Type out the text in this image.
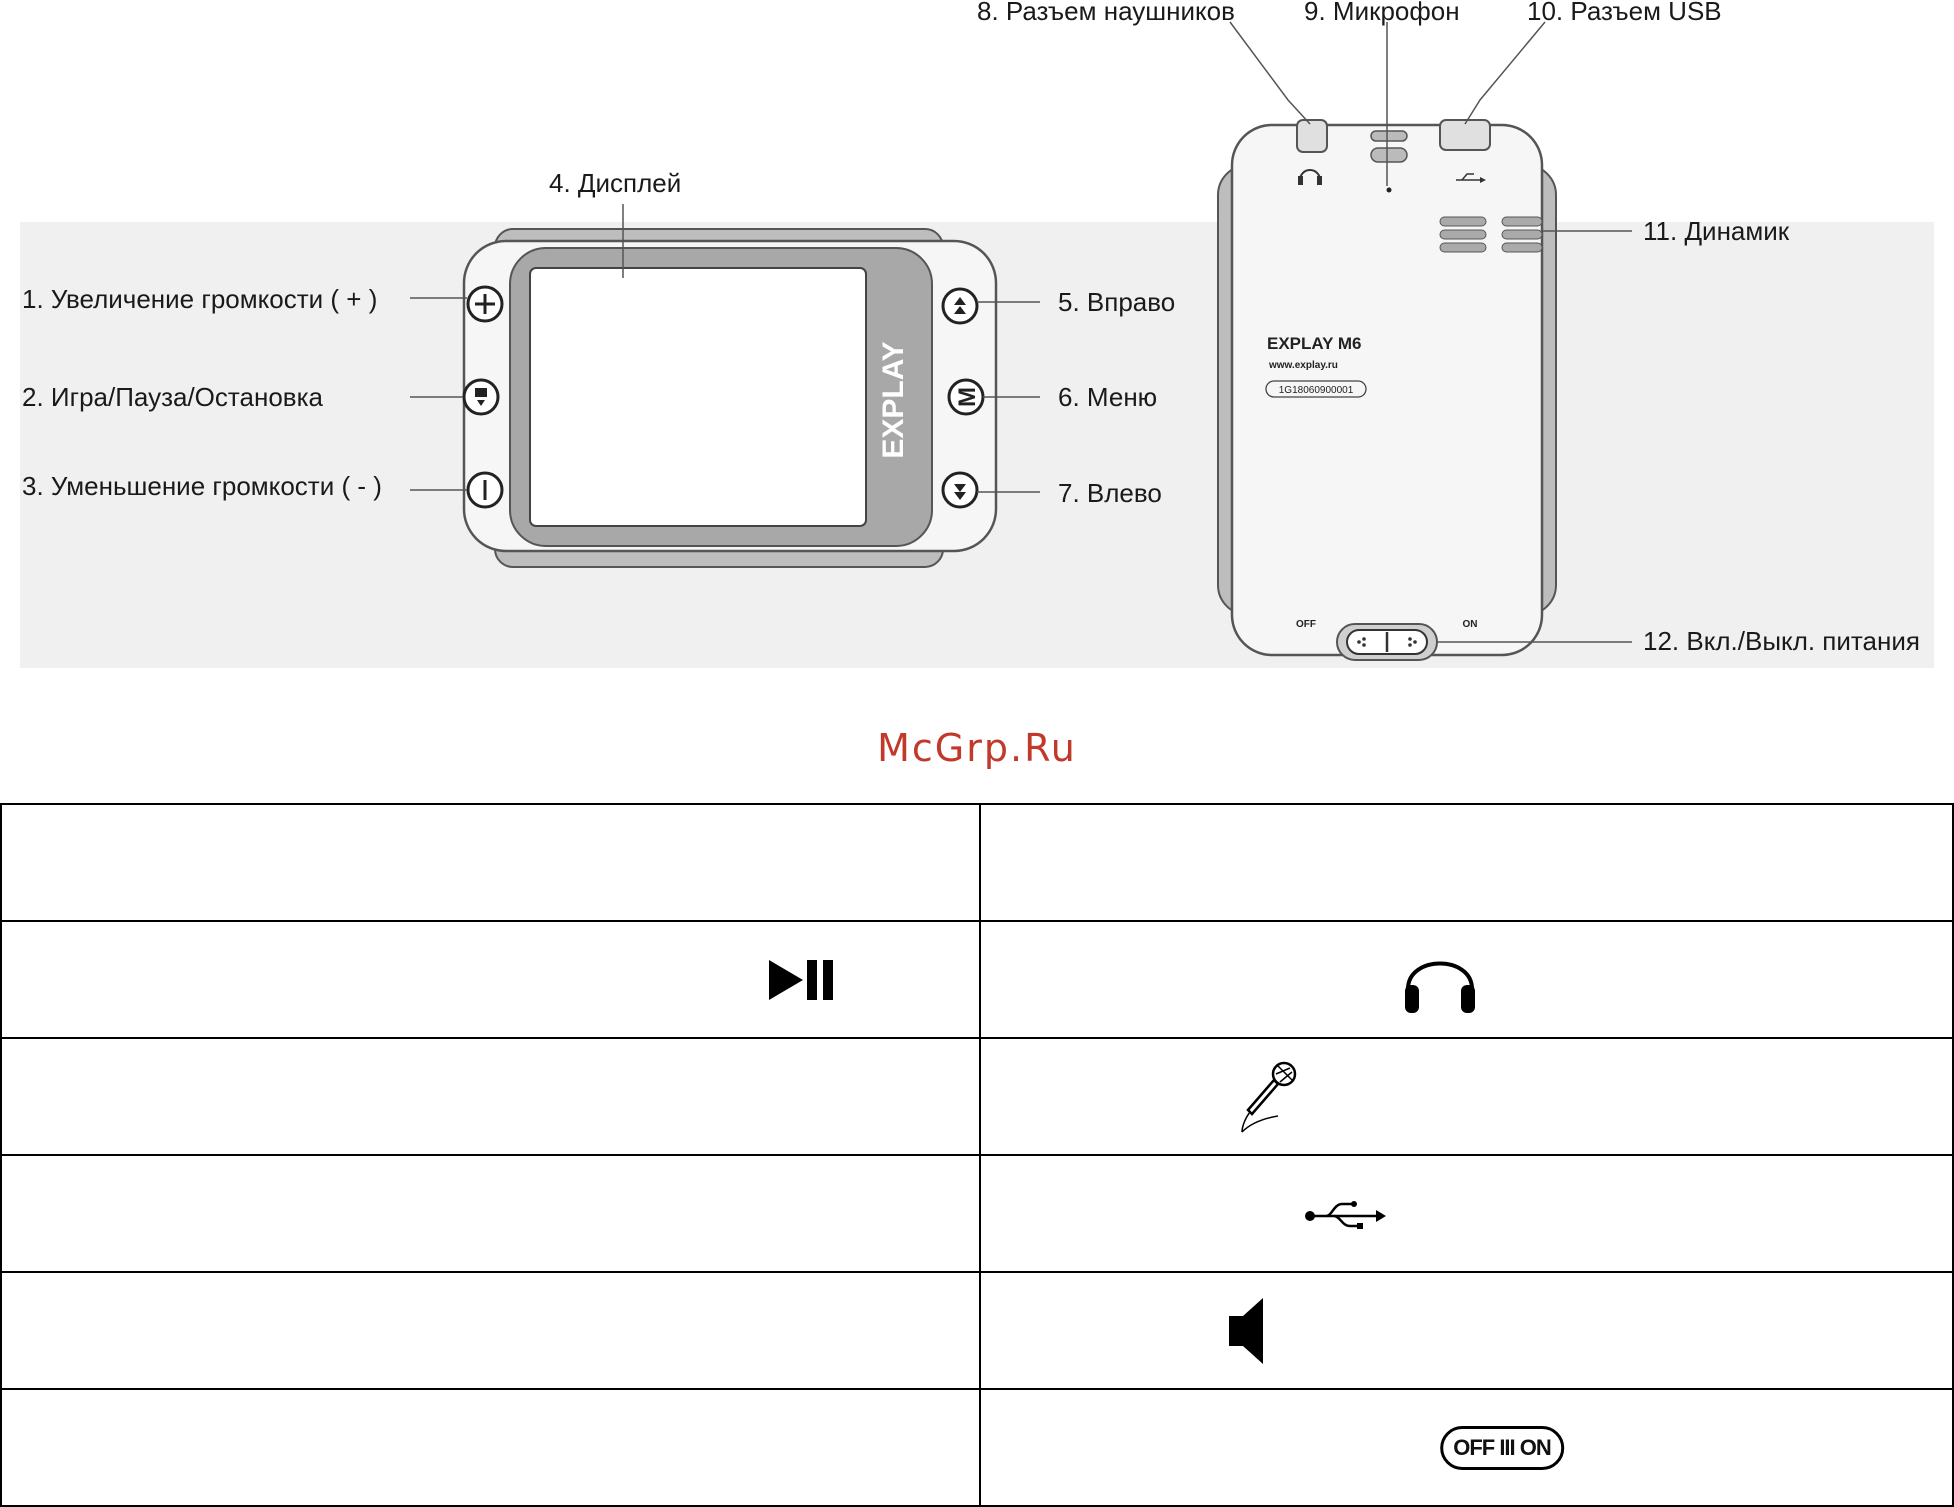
EXPLAY M
EXPLAY M6
www.explay.ru
1G18060900001
OFF	ON
1. Увеличение громкости ( + )
2. Игра/Пауза/Остановка
3. Уменьшение громкости ( - )
4. Дисплей
5. Вправо
6. Меню
7. Влево
8. Разъем наушников	9. Микрофон	10. Разъем USB
11. Динамик
12. Вкл./Выкл. питания
McGrp.Ru

	OFF III ON
